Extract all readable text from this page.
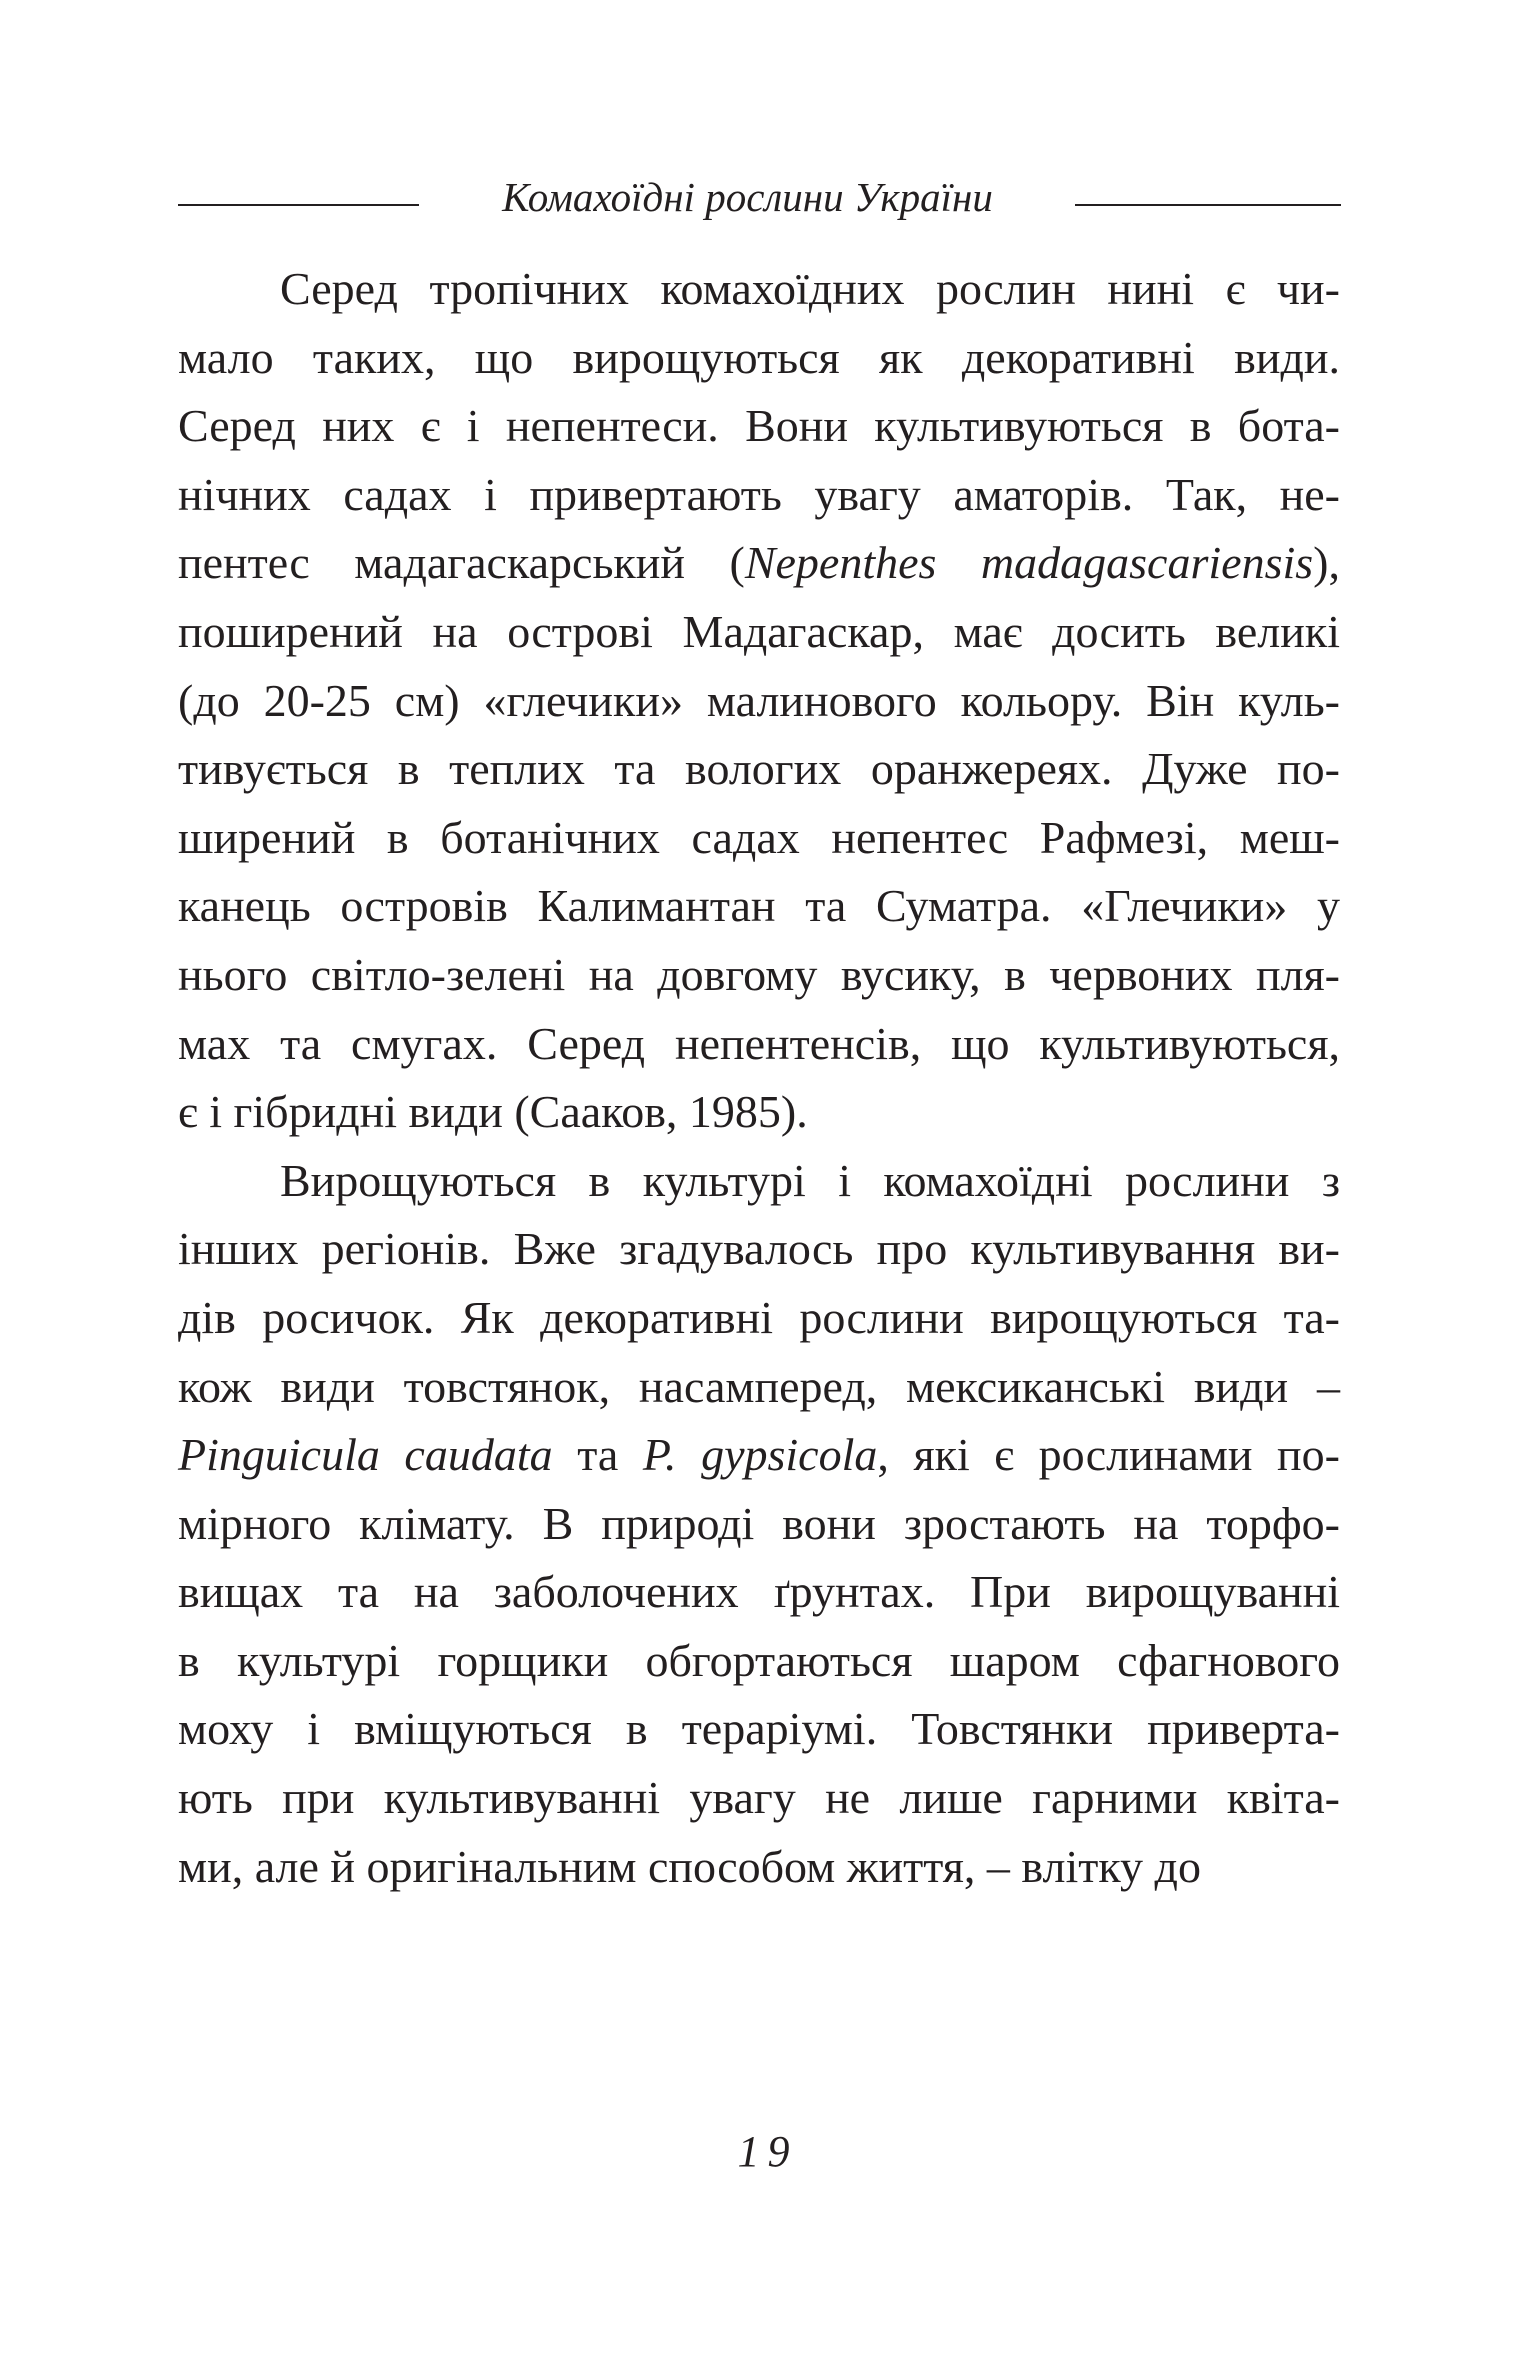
Комахоїдні рослини України
Серед тропічних комахоїдних рослин нині є чи-
мало таких, що вирощуються як декоративні види.
Серед них є і непентеси. Вони культивуються в бота-
нічних садах і привертають увагу аматорів. Так, не-
пентес мадагаскарський (Nepenthes madagascariensis),
поширений на острові Мадагаскар, має досить великі
(до 20-25 см) «глечики» малинового кольору. Він куль-
тивується в теплих та вологих оранжереях. Дуже по-
ширений в ботанічних садах непентес Рафмезі, меш-
канець островів Калимантан та Суматра. «Глечики» у
нього світло-зелені на довгому вусику, в червоних пля-
мах та смугах. Серед непентенсів, що культивуються,
є і гібридні види (Сааков, 1985).
Вирощуються в культурі і комахоїдні рослини з
інших регіонів. Вже згадувалось про культивування ви-
дів росичок. Як декоративні рослини вирощуються та-
кож види товстянок, насамперед, мексиканські види –
Pinguicula caudata та P. gypsicola, які є рослинами по-
мірного клімату. В природі вони зростають на торфо-
вищах та на заболочених ґрунтах. При вирощуванні
в культурі горщики обгортаються шаром сфагнового
моху і вміщуються в тераріумі. Товстянки приверта-
ють при культивуванні увагу не лише гарними квіта-
ми, але й оригінальним способом життя, – влітку до
19
